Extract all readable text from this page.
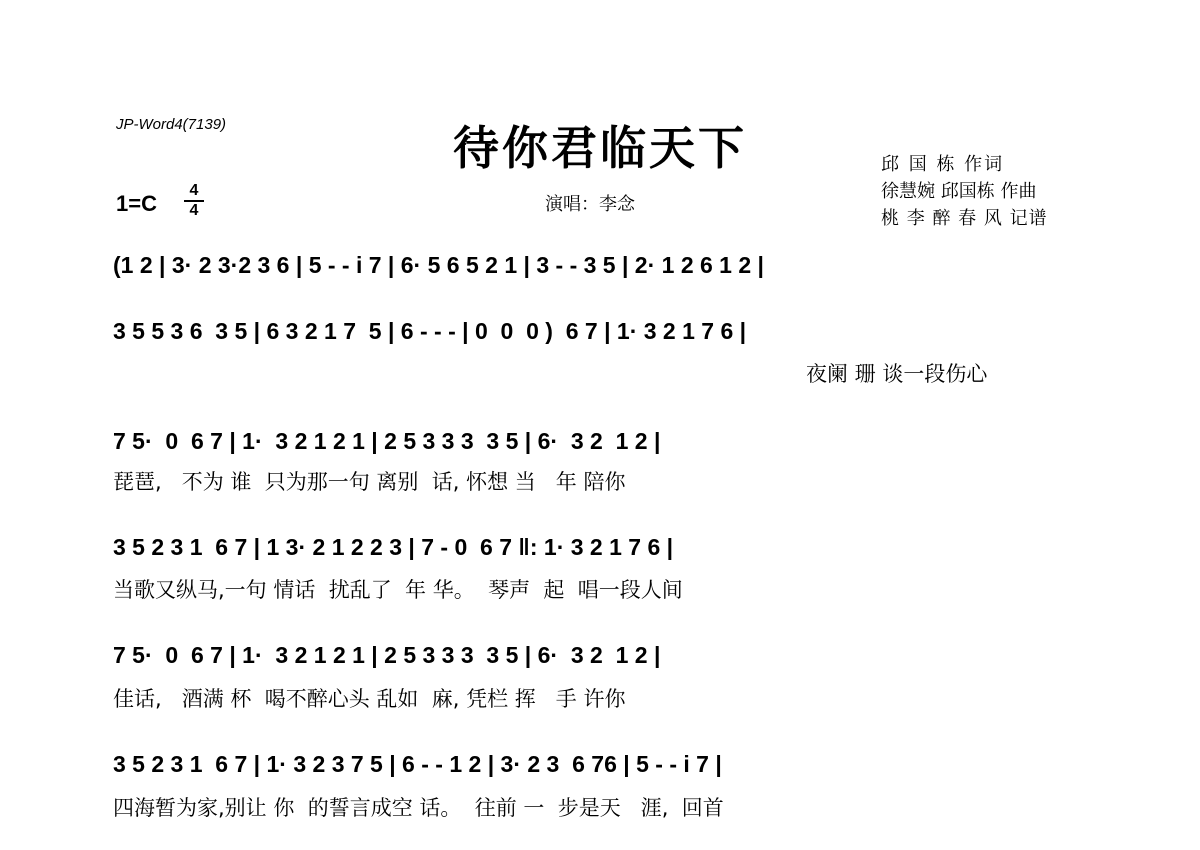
JP-Word4(7139)	待你君临天下	邱 国 栋 作词
徐慧婉 邱国栋 作曲
桃 李 醉 春 风 记谱
演唱：李念
$1=C \frac{4}{4}$
(1 2 | 3· 2 3·2 3 6 | 5 - - i 7 | 6· 5 6 5 2 1 | 3 - - 3 5 | 2· 1 2 6 1 2 |
3 5 5 3 6  3 5 | 6 3 2 1 7  5 | 6 - - - | 0  0  0 )  6 7 | 1· 3 2 1 7 6 |
夜阑 珊 谈一段伤心
7 5·  0  6 7 | 1·  3 2 1 2 1 | 2 5 3 3 3  3 5 | 6·  3 2  1 2 |
琵琶,   不为 谁  只为那一句 离别  话, 怀想 当   年 陪你
3 5 2 3 1  6 7 | 1 3· 2 1 2 2 3 | 7 - 0  6 7 ‖: 1· 3 2 1 7 6 |
当歌又纵马,一句 情话  扰乱了  年 华。  琴声  起  唱一段人间
7 5·  0  6 7 | 1·  3 2 1 2 1 | 2 5 3 3 3  3 5 | 6·  3 2  1 2 |
佳话,   酒满 杯  喝不醉心头 乱如  麻, 凭栏 挥   手 许你
3 5 2 3 1  6 7 | 1· 3 2 3 7 5 | 6 - - 1 2 | 3· 2 3  6 76 | 5 - - i 7 |
四海暂为家,别让 你  的誓言成空 话。  往前 一  步是天   涯,  回首
